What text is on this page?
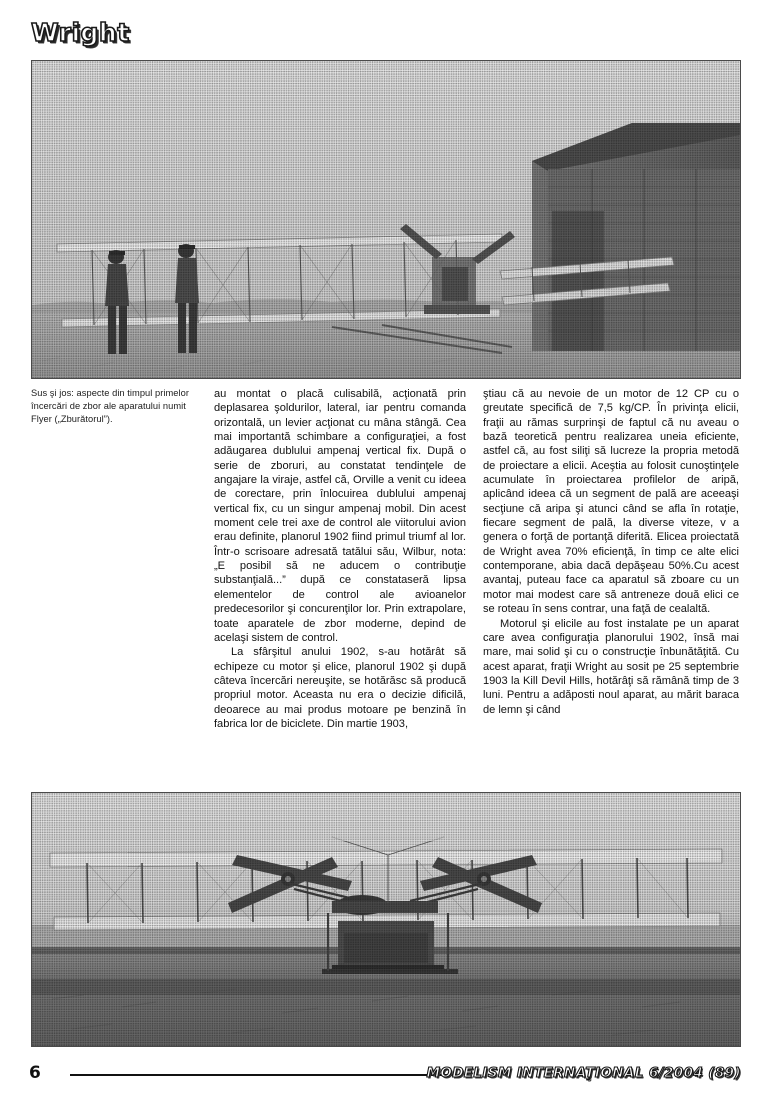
Wright
Sus şi jos: aspecte din timpul primelor încercări de zbor ale aparatului numit Flyer („Zburătorul”).

au montat o placă culisabilă, acţionată prin deplasarea şoldurilor, lateral, iar pentru comanda orizontală, un levier acţionat cu mâna stângă. Cea mai importantă schimbare a configuraţiei, a fost adăugarea dublului ampenaj vertical fix. După o serie de zboruri, au constatat tendinţele de angajare la viraje, astfel că, Orville a venit cu ideea de corectare, prin înlocuirea dublului ampenaj vertical fix, cu un singur ampenaj mobil. Din acest moment cele trei axe de control ale viitorului avion erau definite, planorul 1902 fiind primul triumf al lor. Într-o scrisoare adresată tatălui său, Wilbur, nota: „E posibil să ne aducem o contribuţie substanţială...” după ce constataseră lipsa elementelor de control ale avioanelor predecesorilor şi concurenţilor lor. Prin extrapolare, toate aparatele de zbor moderne, depind de acelaşi sistem de control.

La sfârşitul anului 1902, s-au hotărât să echipeze cu motor şi elice, planorul 1902 şi după câteva încercări nereuşite, se hotărăsc să producă propriul motor. Aceasta nu era o decizie dificilă, deoarece au mai produs motoare pe benzină în fabrica lor de biciclete. Din martie 1903,

ştiau că au nevoie de un motor de 12 CP cu o greutate specifică de 7,5 kg/CP. În privinţa elicii, fraţii au rămas surprinşi de faptul că nu aveau o bază teoretică pentru realizarea uneia eficiente, astfel că, au fost siliţi să lucreze la propria metodă de proiectare a elicii. Aceştia au folosit cunoştinţele acumulate în proiectarea profilelor de aripă, aplicând ideea că un segment de pală are aceeaşi secţiune că aripa şi atunci când se afla în rotaţie, fiecare segment de pală, la diverse viteze, v a genera o forţă de portanţă diferită. Elicea proiectată de Wright avea 70% eficienţă, în timp ce alte elici contemporane, abia dacă depăşeau 50%.Cu acest avantaj, puteau face ca aparatul să zboare cu un motor mai modest care să antreneze două elici ce se roteau în sens contrar, una faţă de cealaltă.

Motorul şi elicile au fost instalate pe un aparat care avea configuraţia planorului 1902, însă mai mare, mai solid şi cu o construcţie înbunătăţită. Cu acest aparat, fraţii Wright au sosit pe 25 septembrie 1903 la Kill Devil Hills, hotărâţi să rămână timp de 3 luni. Pentru a adăposti noul aparat, au mărit baraca de lemn şi când

6	MODELISM INTERNAŢIONAL 6/2004 (89)
